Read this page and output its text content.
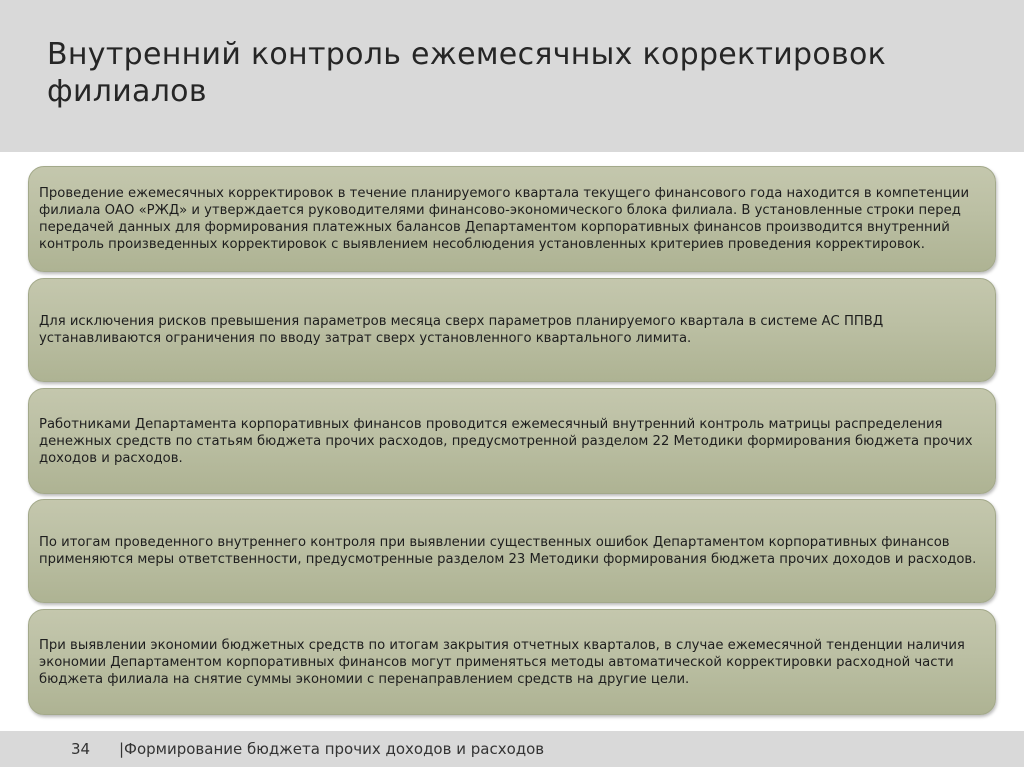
Внутренний контроль ежемесячных корректировок филиалов

Проведение ежемесячных корректировок в течение планируемого квартала текущего финансового года находится в компетенции филиала ОАО «РЖД» и утверждается руководителями финансово-экономического блока филиала. В установленные строки перед передачей данных для формирования платежных балансов Департаментом корпоративных финансов производится внутренний контроль произведенных корректировок с выявлением несоблюдения установленных критериев проведения корректировок.

Для исключения рисков превышения параметров месяца сверх параметров планируемого квартала в системе АС ППВД устанавливаются ограничения по вводу затрат сверх установленного квартального лимита.

Работниками Департамента корпоративных финансов проводится ежемесячный внутренний контроль матрицы распределения денежных средств по статьям бюджета прочих расходов, предусмотренной разделом 22 Методики формирования бюджета прочих доходов и расходов.

По итогам проведенного внутреннего контроля при выявлении существенных ошибок Департаментом корпоративных финансов применяются меры ответственности, предусмотренные разделом 23 Методики формирования бюджета прочих доходов и расходов.

При выявлении экономии бюджетных средств по итогам закрытия отчетных кварталов, в случае ежемесячной тенденции наличия экономии Департаментом корпоративных финансов могут применяться методы автоматической корректировки расходной части бюджета филиала на снятие суммы экономии с перенаправлением средств на другие цели.

34 |Формирование бюджета прочих доходов и расходов
